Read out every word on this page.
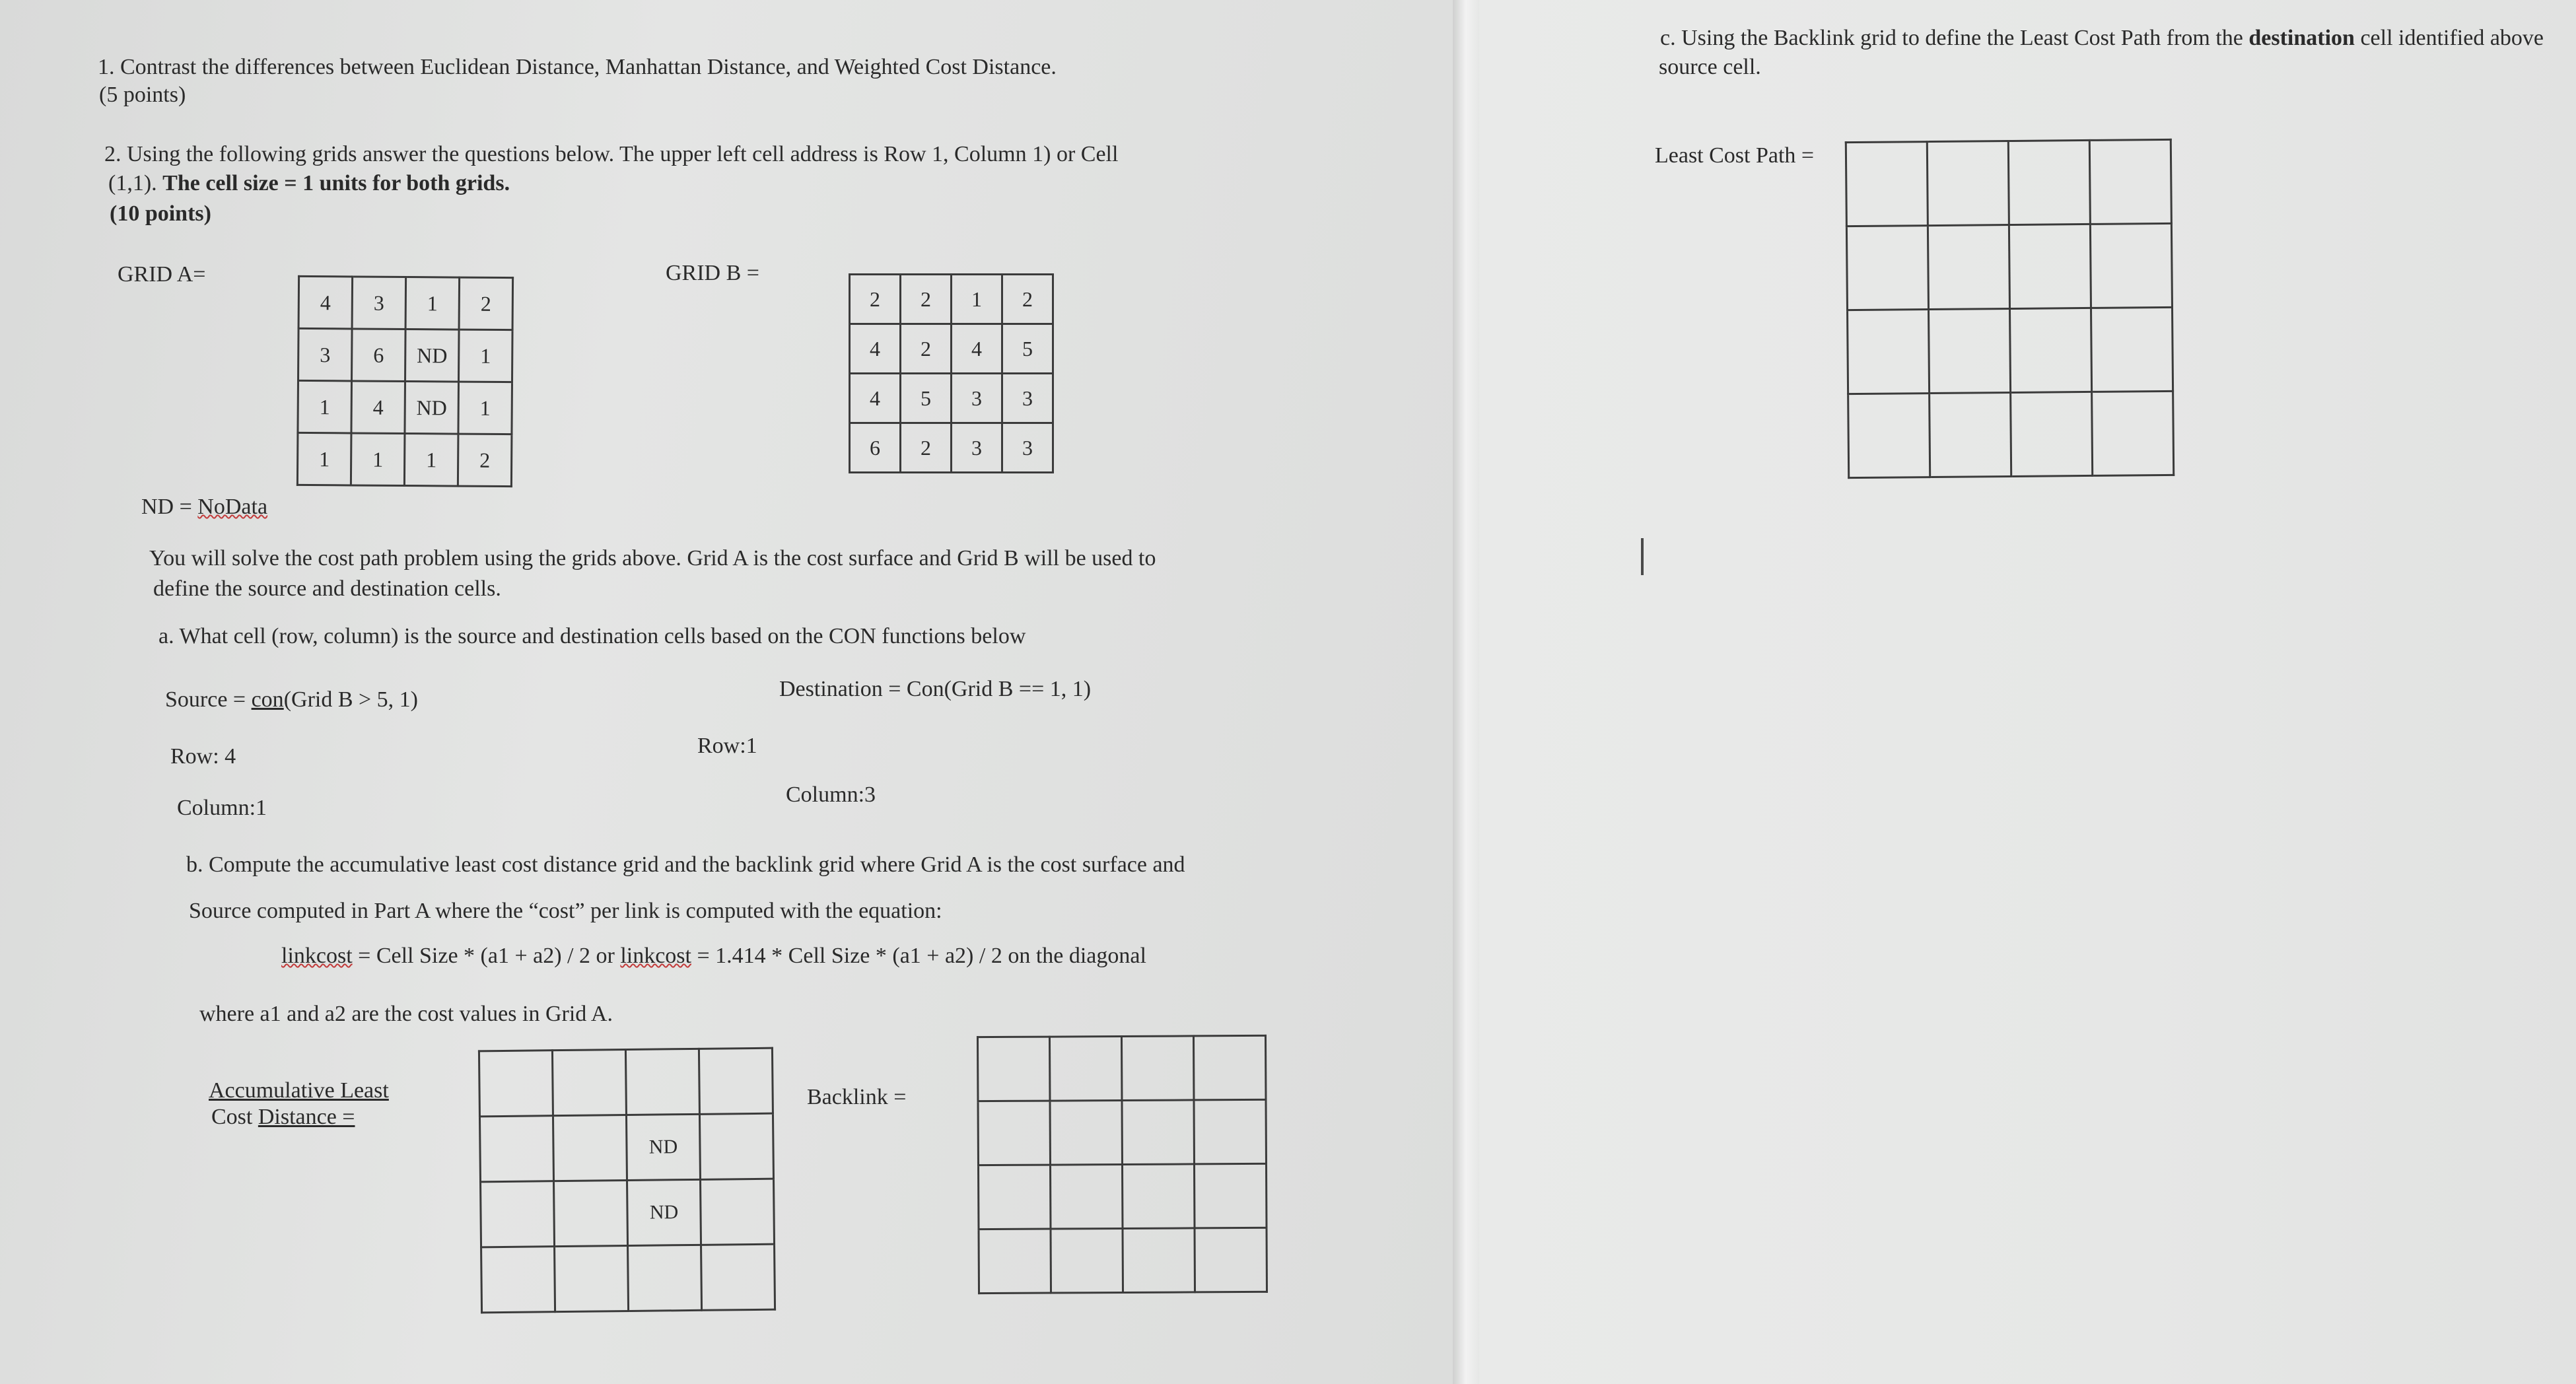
1. Contrast the differences between Euclidean Distance, Manhattan Distance, and Weighted Cost Distance.
(5 points)
2. Using the following grids answer the questions below. The upper left cell address is Row 1, Column 1) or Cell
(1,1). The cell size = 1 units for both grids.
(10 points)
GRID A=
4	3	1	2
3	6	ND	1
1	4	ND	1
1	1	1	2
GRID B =
2	2	1	2
4	2	4	5
4	5	3	3
6	2	3	3
ND = NoData
You will solve the cost path problem using the grids above. Grid A is the cost surface and Grid B will be used to
define the source and destination cells.
a. What cell (row, column) is the source and destination cells based on the CON functions below
Source = con(Grid B > 5, 1)	Destination = Con(Grid B == 1, 1)
Row: 4
Column:1
Row:1
Column:3
b. Compute the accumulative least cost distance grid and the backlink grid where Grid A is the cost surface and
Source computed in Part A where the “cost” per link is computed with the equation:
linkcost = Cell Size * (a1 + a2) / 2 or linkcost = 1.414 * Cell Size * (a1 + a2) / 2 on the diagonal
where a1 and a2 are the cost values in Grid A.
Accumulative Least
Cost Distance =

		ND	
		ND	

Backlink =

c. Using the Backlink grid to define the Least Cost Path from the destination cell identified above
source cell.
Least Cost Path =
